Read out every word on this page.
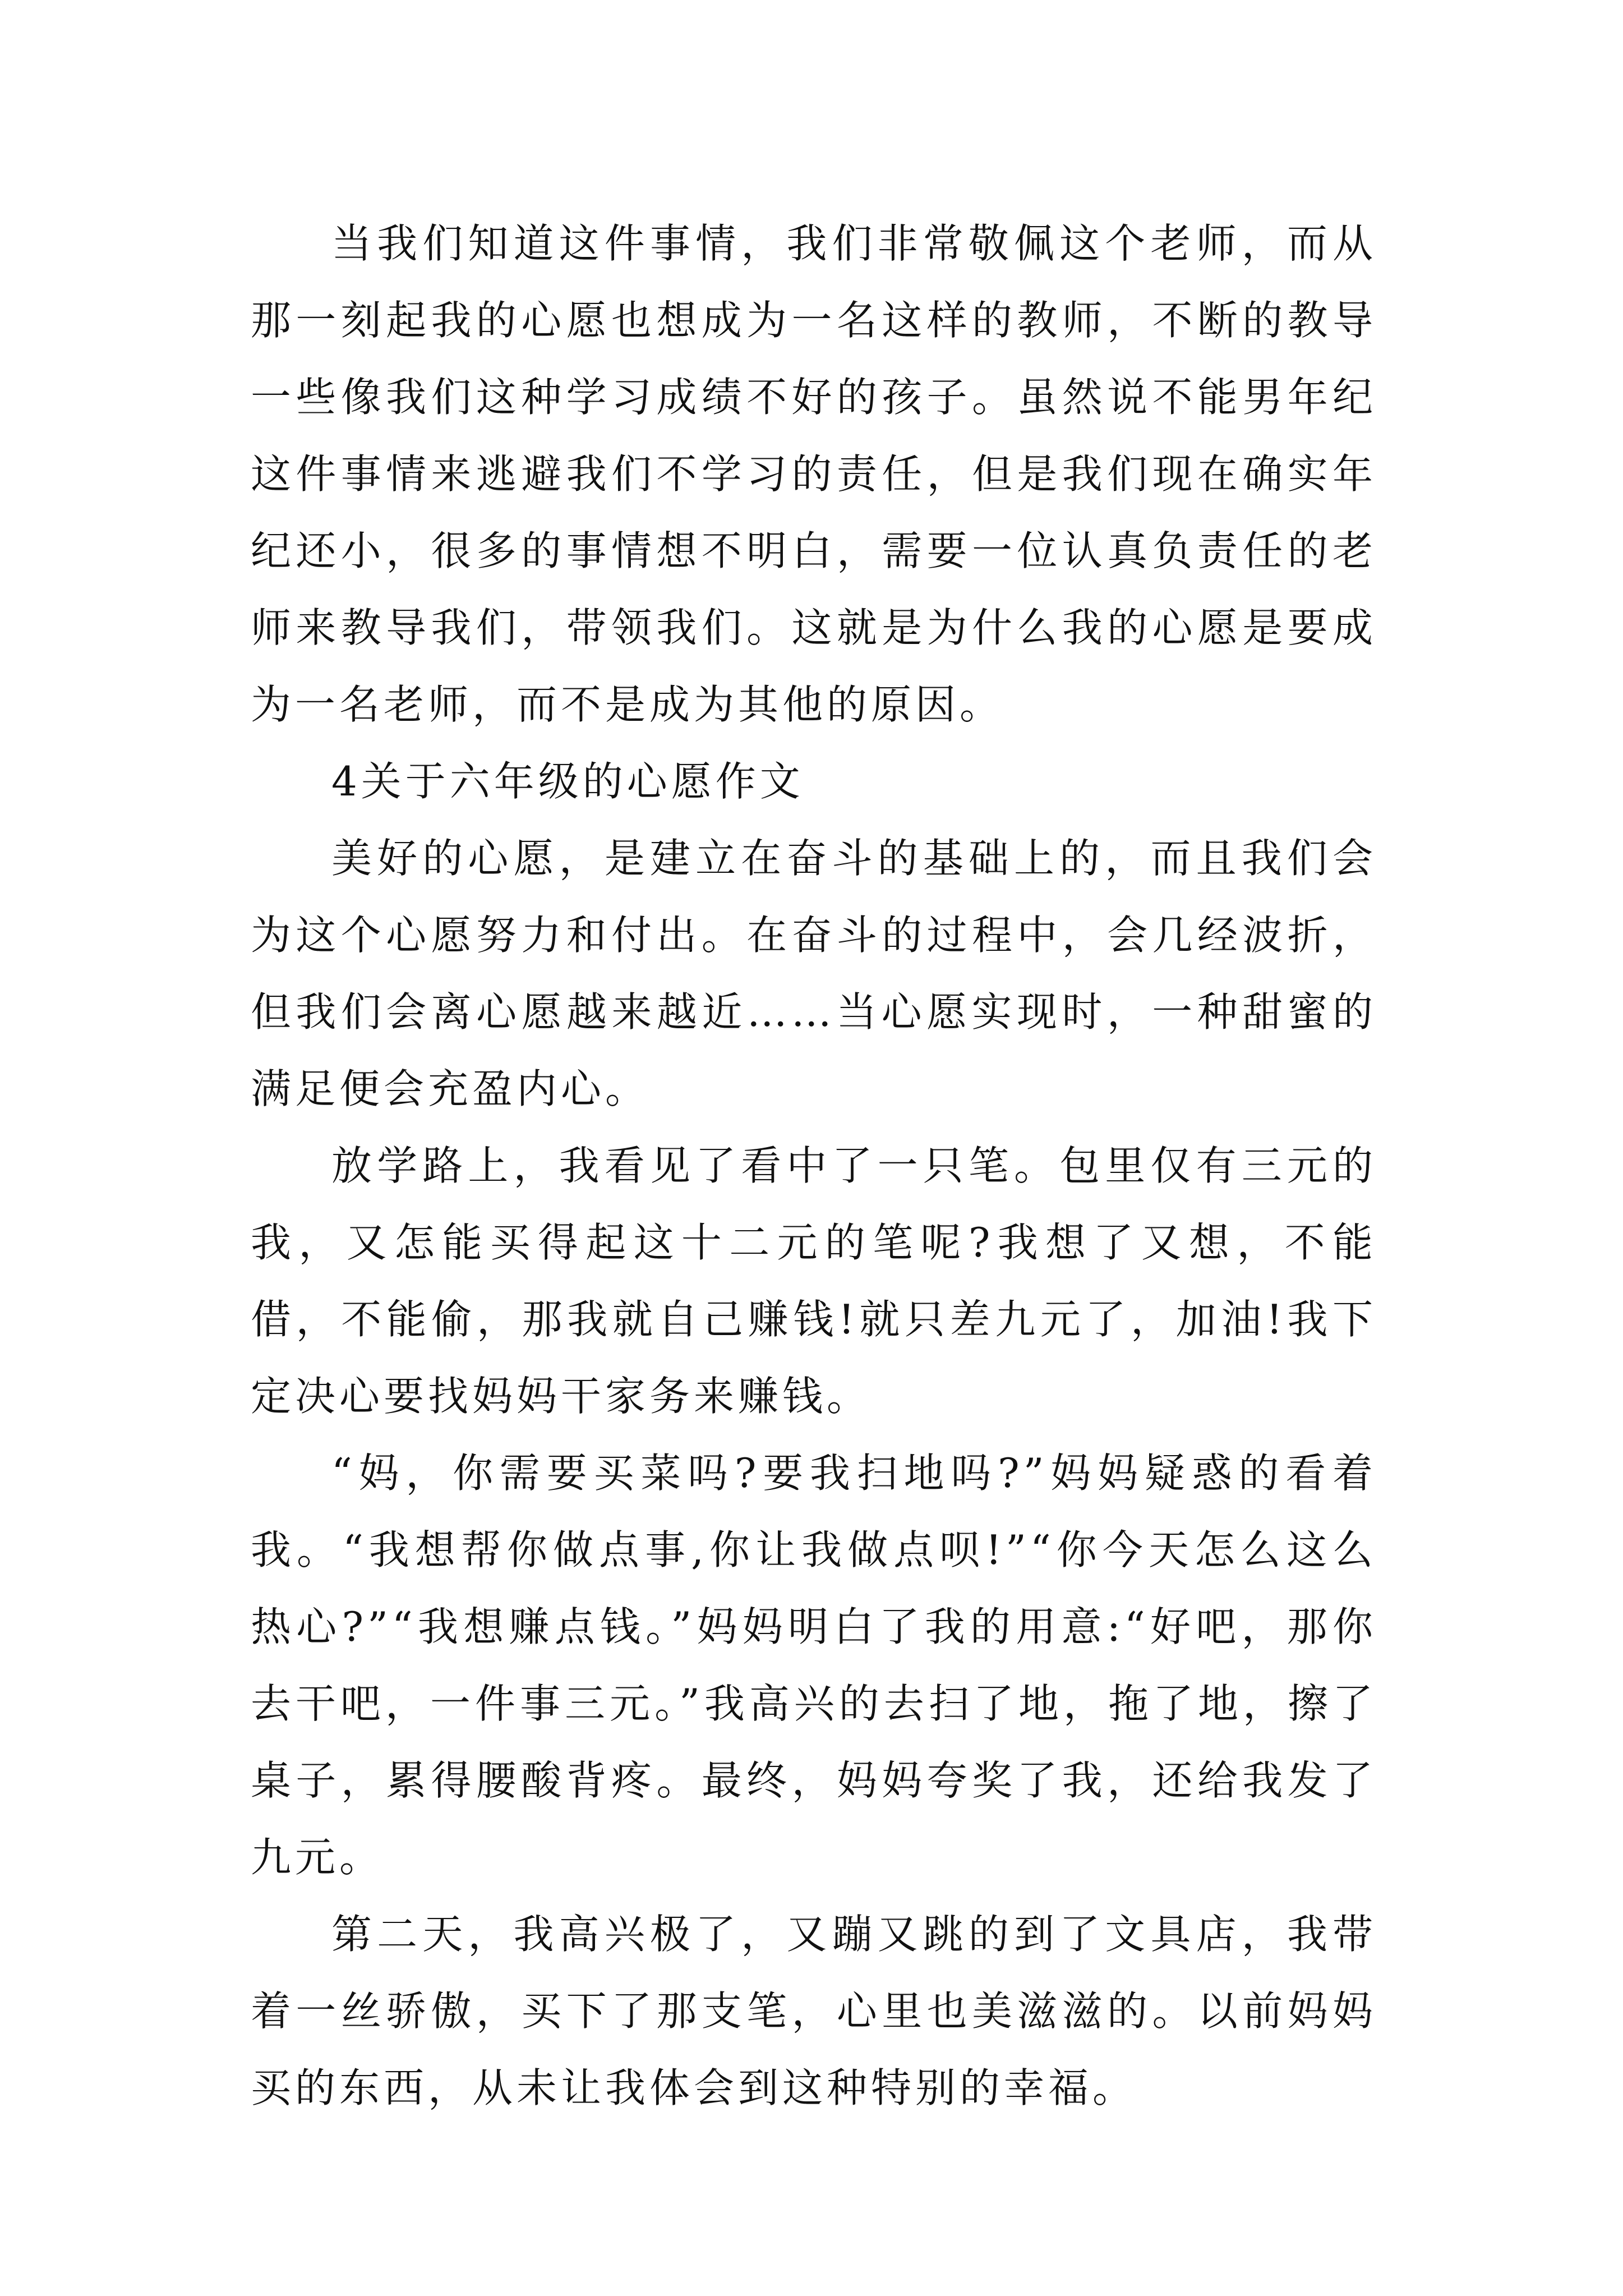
当我们知道这件事情，我们非常敬佩这个老师，而从那一刻起我的心愿也想成为一名这样的教师，不断的教导一些像我们这种学习成绩不好的孩子。虽然说不能男年纪这件事情来逃避我们不学习的责任，但是我们现在确实年纪还小，很多的事情想不明白，需要一位认真负责任的老师来教导我们，带领我们。这就是为什么我的心愿是要成为一名老师，而不是成为其他的原因。

4关于六年级的心愿作文

美好的心愿，是建立在奋斗的基础上的，而且我们会为这个心愿努力和付出。在奋斗的过程中，会几经波折，但我们会离心愿越来越近……当心愿实现时，一种甜蜜的满足便会充盈内心。

放学路上，我看见了看中了一只笔。包里仅有三元的我，又怎能买得起这十二元的笔呢?我想了又想，不能借，不能偷，那我就自己赚钱!就只差九元了，加油!我下定决心要找妈妈干家务来赚钱。

“妈，你需要买菜吗?要我扫地吗?”妈妈疑惑的看着我。“我想帮你做点事,你让我做点呗!”“你今天怎么这么热心?”“我想赚点钱。”妈妈明白了我的用意:“好吧，那你去干吧，一件事三元。”我高兴的去扫了地，拖了地，擦了桌子，累得腰酸背疼。最终，妈妈夸奖了我，还给我发了九元。

第二天，我高兴极了，又蹦又跳的到了文具店，我带着一丝骄傲，买下了那支笔，心里也美滋滋的。以前妈妈买的东西，从未让我体会到这种特别的幸福。
